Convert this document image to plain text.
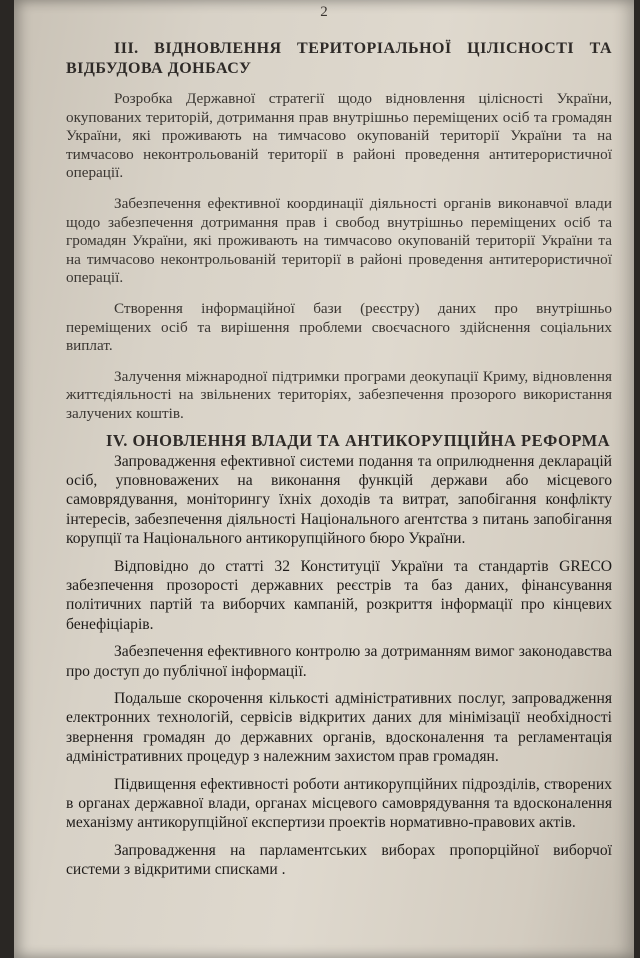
2
III. ВІДНОВЛЕННЯ ТЕРИТОРІАЛЬНОЇ ЦІЛІСНОСТІ ТА
ВІДБУДОВА ДОНБАСУ

Розробка Державної стратегії щодо відновлення цілісності України, окупованих територій, дотримання прав внутрішньо переміщених осіб та громадян України, які проживають на тимчасово окупованій території України та на тимчасово неконтрольованій території в районі проведення антитерористичної операції.

Забезпечення ефективної координації діяльності органів виконавчої влади щодо забезпечення дотримання прав і свобод внутрішньо переміщених осіб та громадян України, які проживають на тимчасово окупованій території України та на тимчасово неконтрольованій території в районі проведення антитерористичної операції.

Створення інформаційної бази (реєстру) даних про внутрішньо переміщених осіб та вирішення проблеми своєчасного здійснення соціальних виплат.

Залучення міжнародної підтримки програми деокупації Криму, відновлення життєдіяльності на звільнених територіях, забезпечення прозорого використання залучених коштів.

IV. ОНОВЛЕННЯ ВЛАДИ ТА АНТИКОРУПЦІЙНА РЕФОРМА

Запровадження ефективної системи подання та оприлюднення декларацій осіб, уповноважених на виконання функцій держави або місцевого самоврядування, моніторингу їхніх доходів та витрат, запобігання конфлікту інтересів, забезпечення діяльності Національного агентства з питань запобігання корупції та Національного антикорупційного бюро України.

Відповідно до статті 32 Конституції України та стандартів GRECO забезпечення прозорості державних реєстрів та баз даних, фінансування політичних партій та виборчих кампаній, розкриття інформації про кінцевих бенефіціарів.

Забезпечення ефективного контролю за дотриманням вимог законодавства про доступ до публічної інформації.

Подальше скорочення кількості адміністративних послуг, запровадження електронних технологій, сервісів відкритих даних для мінімізації необхідності звернення громадян до державних органів, вдосконалення та регламентація адміністративних процедур з належним захистом прав громадян.

Підвищення ефективності роботи антикорупційних підрозділів, створених в органах державної влади, органах місцевого самоврядування та вдосконалення механізму антикорупційної експертизи проектів нормативно-правових актів.

Запровадження на парламентських виборах пропорційної виборчої системи з відкритими списками .
